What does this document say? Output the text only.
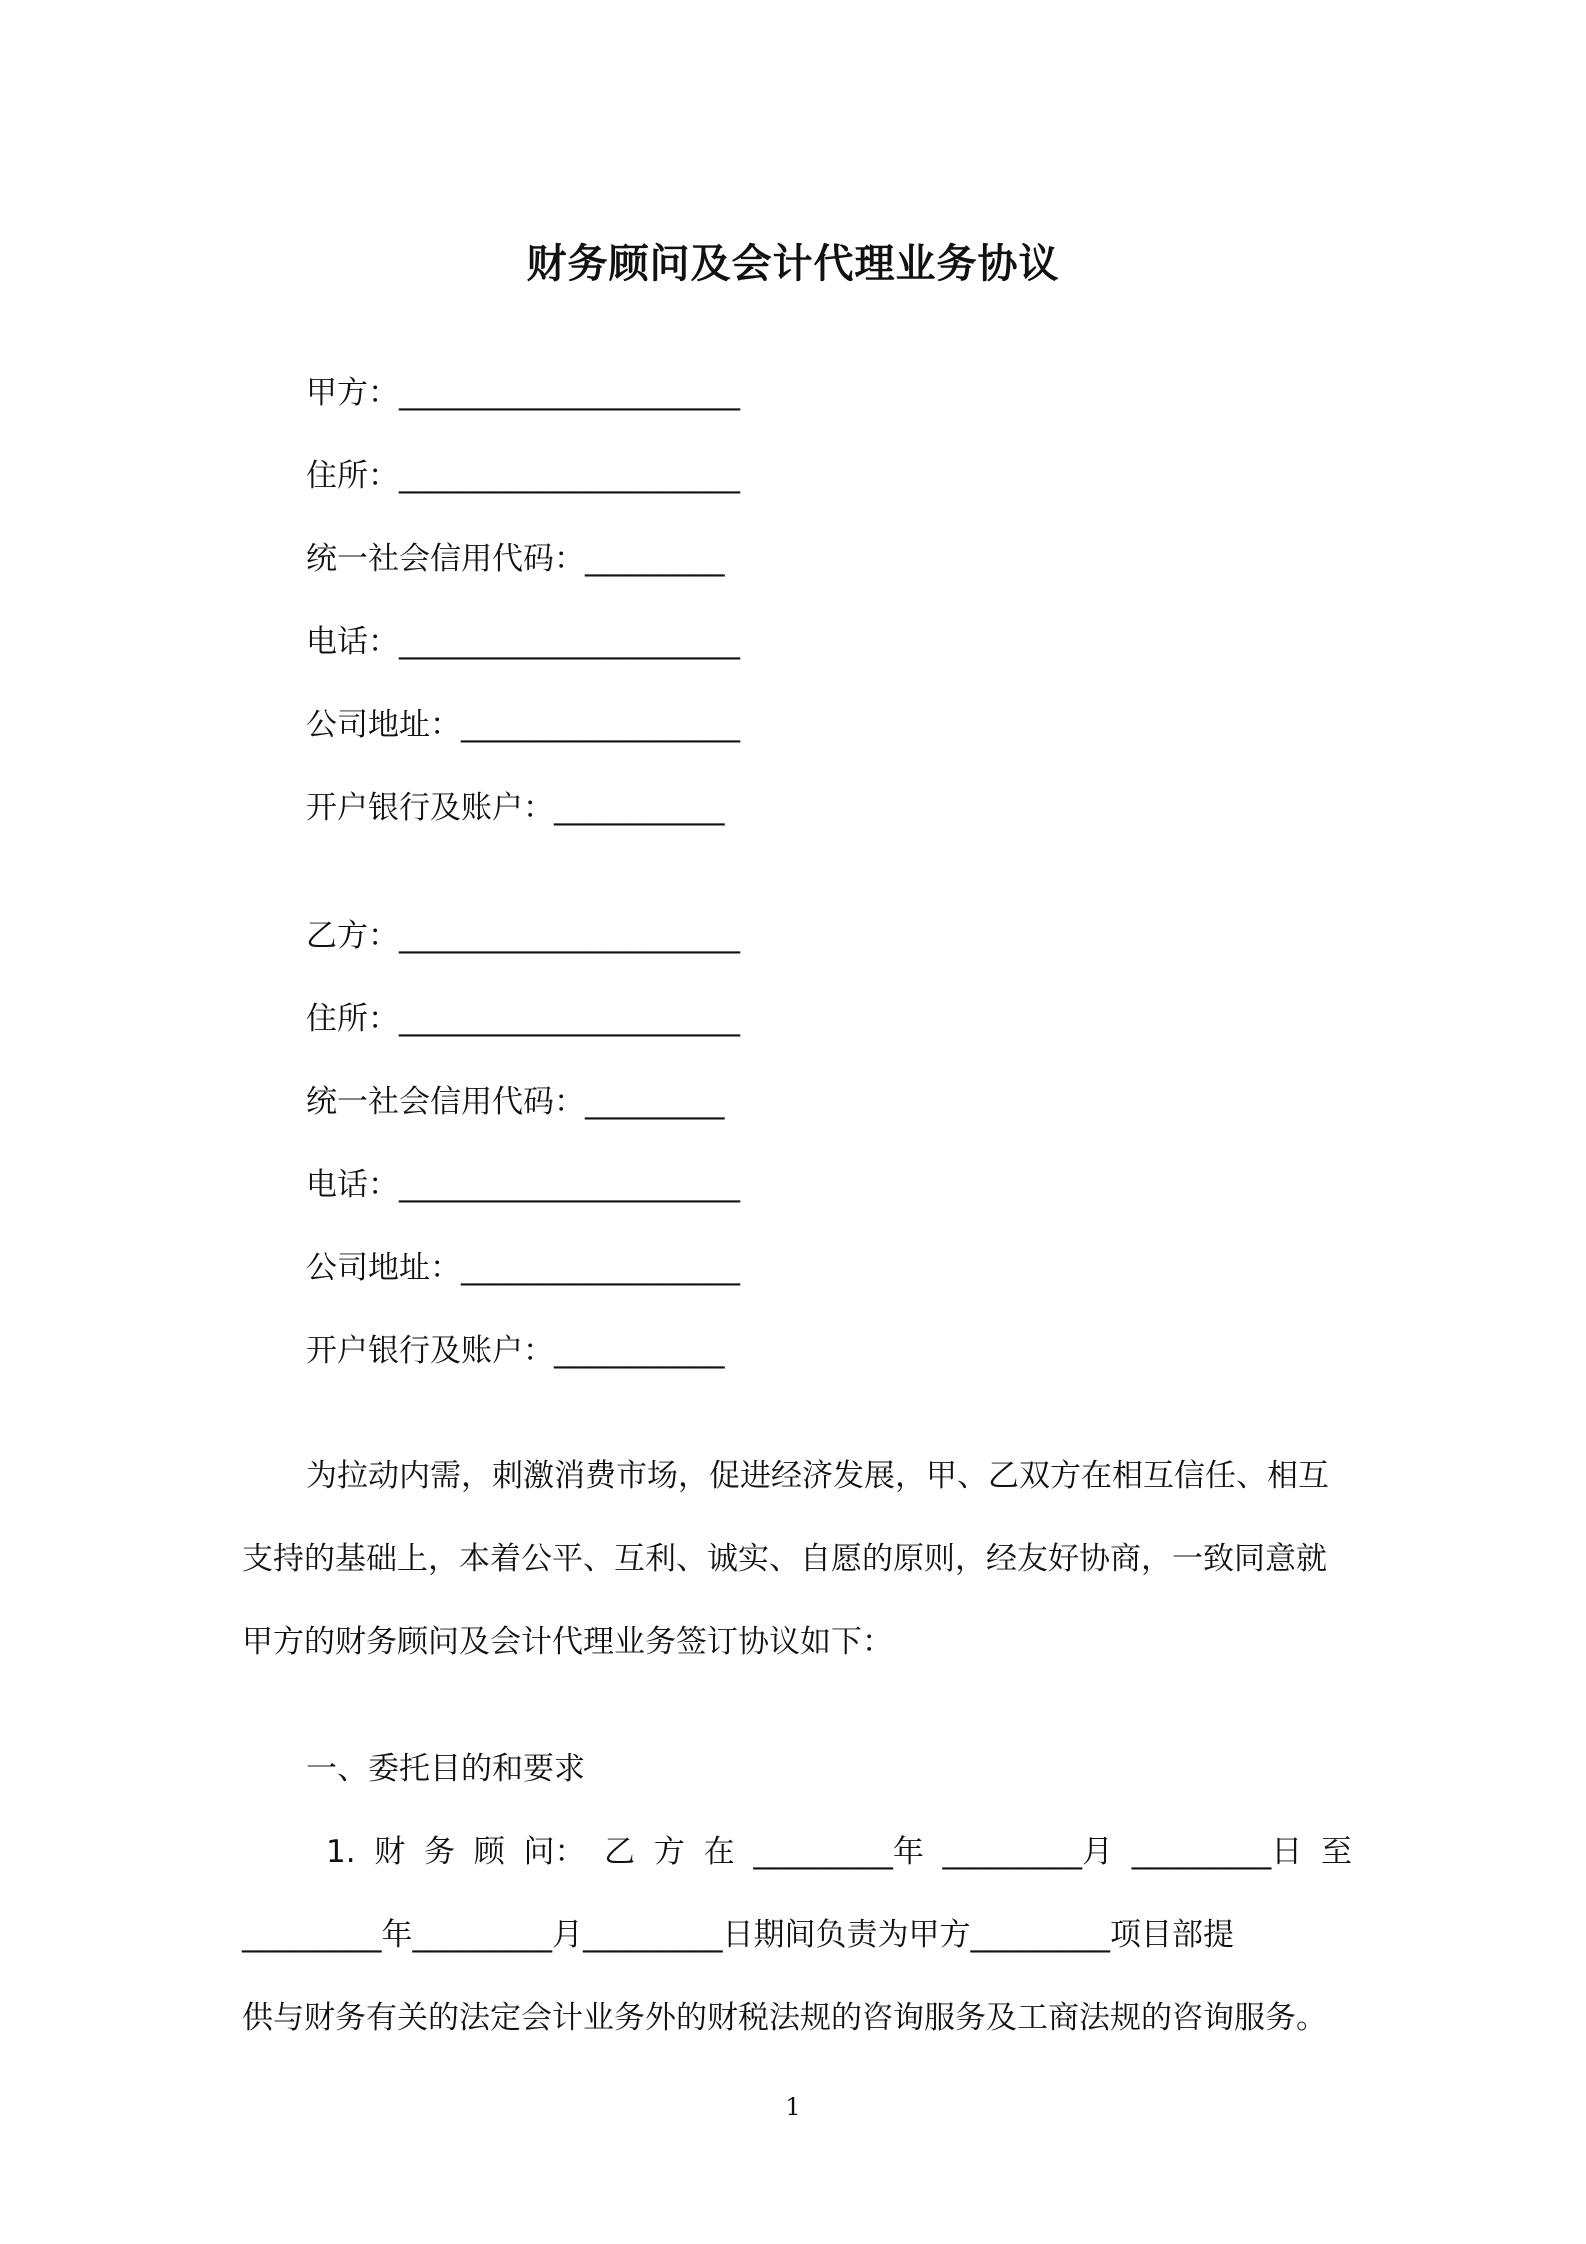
财务顾问及会计代理业务协议
甲方：______________________
住所：______________________
统一社会信用代码：_________
电话：______________________
公司地址：__________________
开户银行及账户：___________
乙方：______________________
住所：______________________
统一社会信用代码：_________
电话：______________________
公司地址：__________________
开户银行及账户：___________
为拉动内需，刺激消费市场，促进经济发展，甲、乙双方在相互信任、相互
支持的基础上，本着公平、互利、诚实、自愿的原则，经友好协商，一致同意就
甲方的财务顾问及会计代理业务签订协议如下：
一、委托目的和要求
1. 财 务 顾 问： 乙 方 在 _________年 _________月 _________日 至
_________年_________月_________日期间负责为甲方_________项目部提
供与财务有关的法定会计业务外的财税法规的咨询服务及工商法规的咨询服务。
1
